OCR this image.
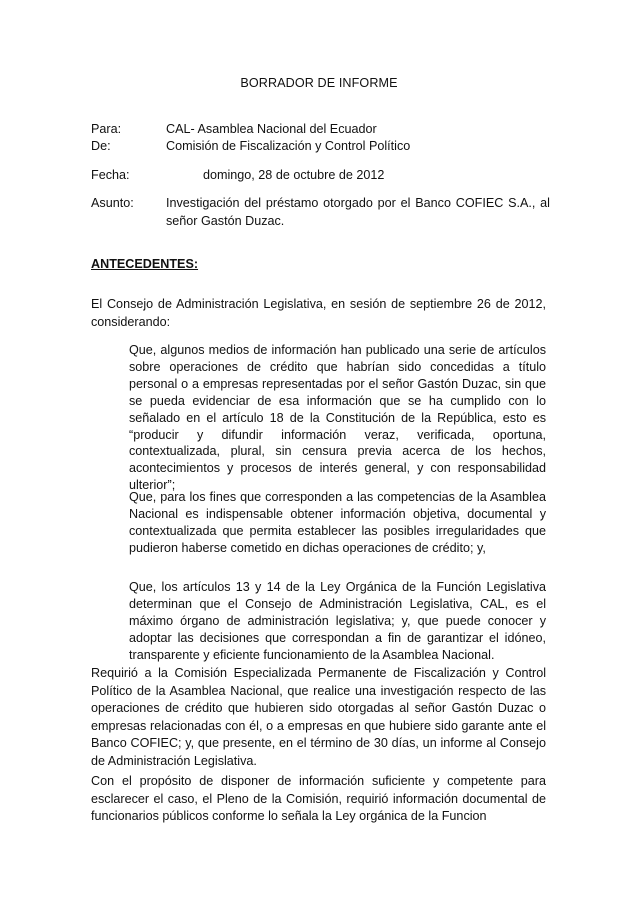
BORRADOR DE INFORME
Para:	CAL- Asamblea Nacional del Ecuador
De:	Comisión de Fiscalización y Control Político
Fecha:	domingo, 28 de octubre de 2012
Asunto:	Investigación del préstamo otorgado por el Banco COFIEC S.A., al señor Gastón Duzac.
ANTECEDENTES:
El Consejo de Administración Legislativa, en sesión de septiembre 26 de 2012, considerando:
Que, algunos medios de información han publicado una serie de artículos sobre operaciones de crédito que habrían sido concedidas a título personal o a empresas representadas por el señor Gastón Duzac, sin que se pueda evidenciar de esa información que se ha cumplido con lo señalado en el artículo 18 de la Constitución de la República, esto es “producir y difundir información veraz, verificada, oportuna, contextualizada, plural, sin censura previa acerca de los hechos, acontecimientos y procesos de interés general, y con responsabilidad ulterior”;
Que, para los fines que corresponden a las competencias de la Asamblea Nacional es indispensable obtener información objetiva, documental y contextualizada que permita establecer las posibles irregularidades que pudieron haberse cometido en dichas operaciones de crédito; y,
Que, los artículos 13 y 14 de la Ley Orgánica de la Función Legislativa determinan que el Consejo de Administración Legislativa, CAL, es el máximo órgano de administración legislativa; y, que puede conocer y adoptar las decisiones que correspondan a fin de garantizar el idóneo, transparente y eficiente funcionamiento de la Asamblea Nacional.
Requirió a la Comisión Especializada Permanente de Fiscalización y Control Político de la Asamblea Nacional, que realice una investigación respecto de las operaciones de crédito que hubieren sido otorgadas al señor Gastón Duzac o empresas relacionadas con él, o a empresas en que hubiere sido garante ante el Banco COFIEC; y, que presente, en el término de 30 días, un informe al Consejo de Administración Legislativa.
Con el propósito de disponer de información suficiente y competente para esclarecer el caso, el Pleno de la Comisión, requirió información documental de funcionarios públicos conforme lo señala la Ley orgánica de la Funcion
